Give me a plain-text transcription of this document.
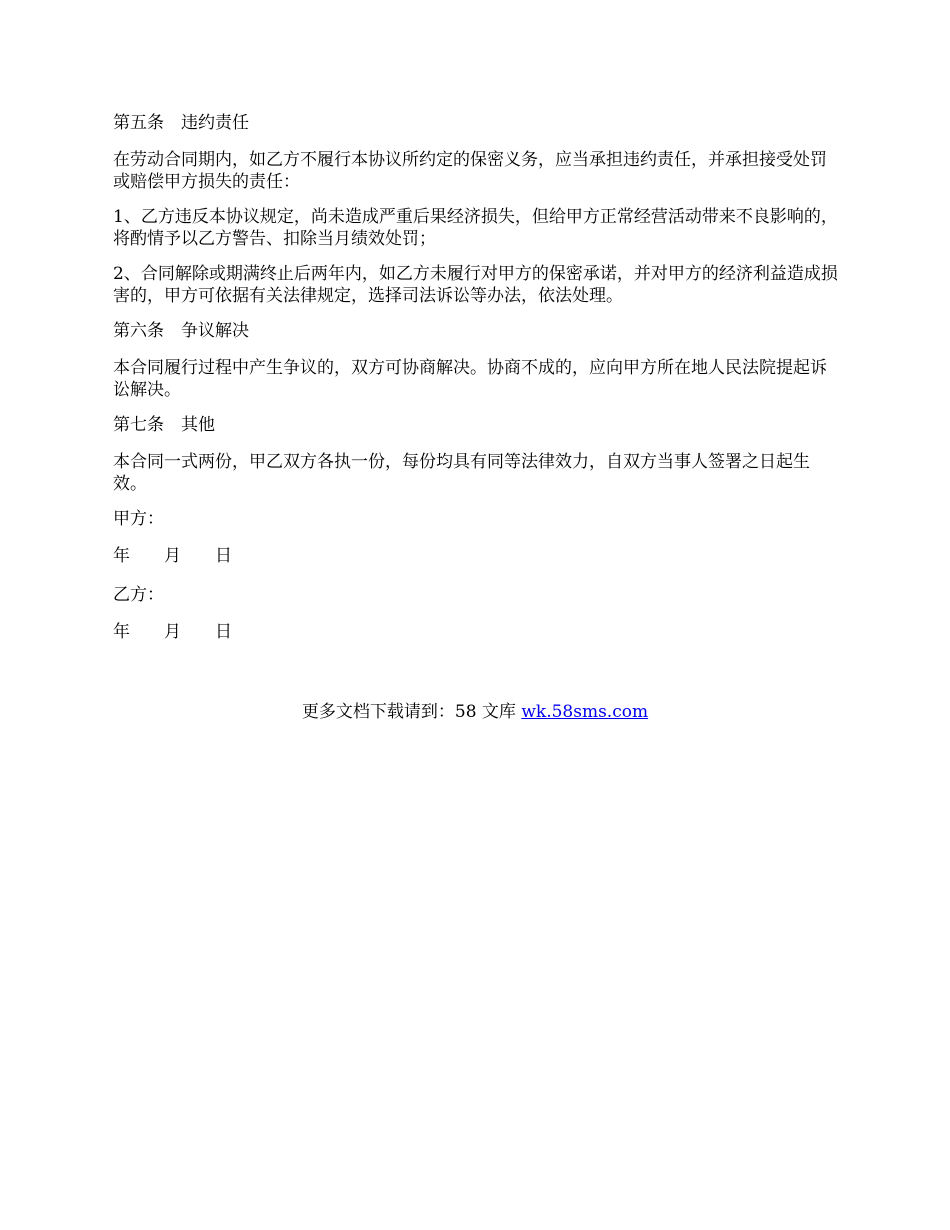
第五条　违约责任

在劳动合同期内，如乙方不履行本协议所约定的保密义务，应当承担违约责任，并承担接受处罚或赔偿甲方损失的责任：

1、乙方违反本协议规定，尚未造成严重后果经济损失，但给甲方正常经营活动带来不良影响的，将酌情予以乙方警告、扣除当月绩效处罚；

2、合同解除或期满终止后两年内，如乙方未履行对甲方的保密承诺，并对甲方的经济利益造成损害的，甲方可依据有关法律规定，选择司法诉讼等办法，依法处理。

第六条　争议解决

本合同履行过程中产生争议的，双方可协商解决。协商不成的，应向甲方所在地人民法院提起诉讼解决。

第七条　其他

本合同一式两份，甲乙双方各执一份，每份均具有同等法律效力，自双方当事人签署之日起生效。

甲方：

年　　月　　日

乙方：

年　　月　　日

更多文档下载请到：58 文库 wk.58sms.com
